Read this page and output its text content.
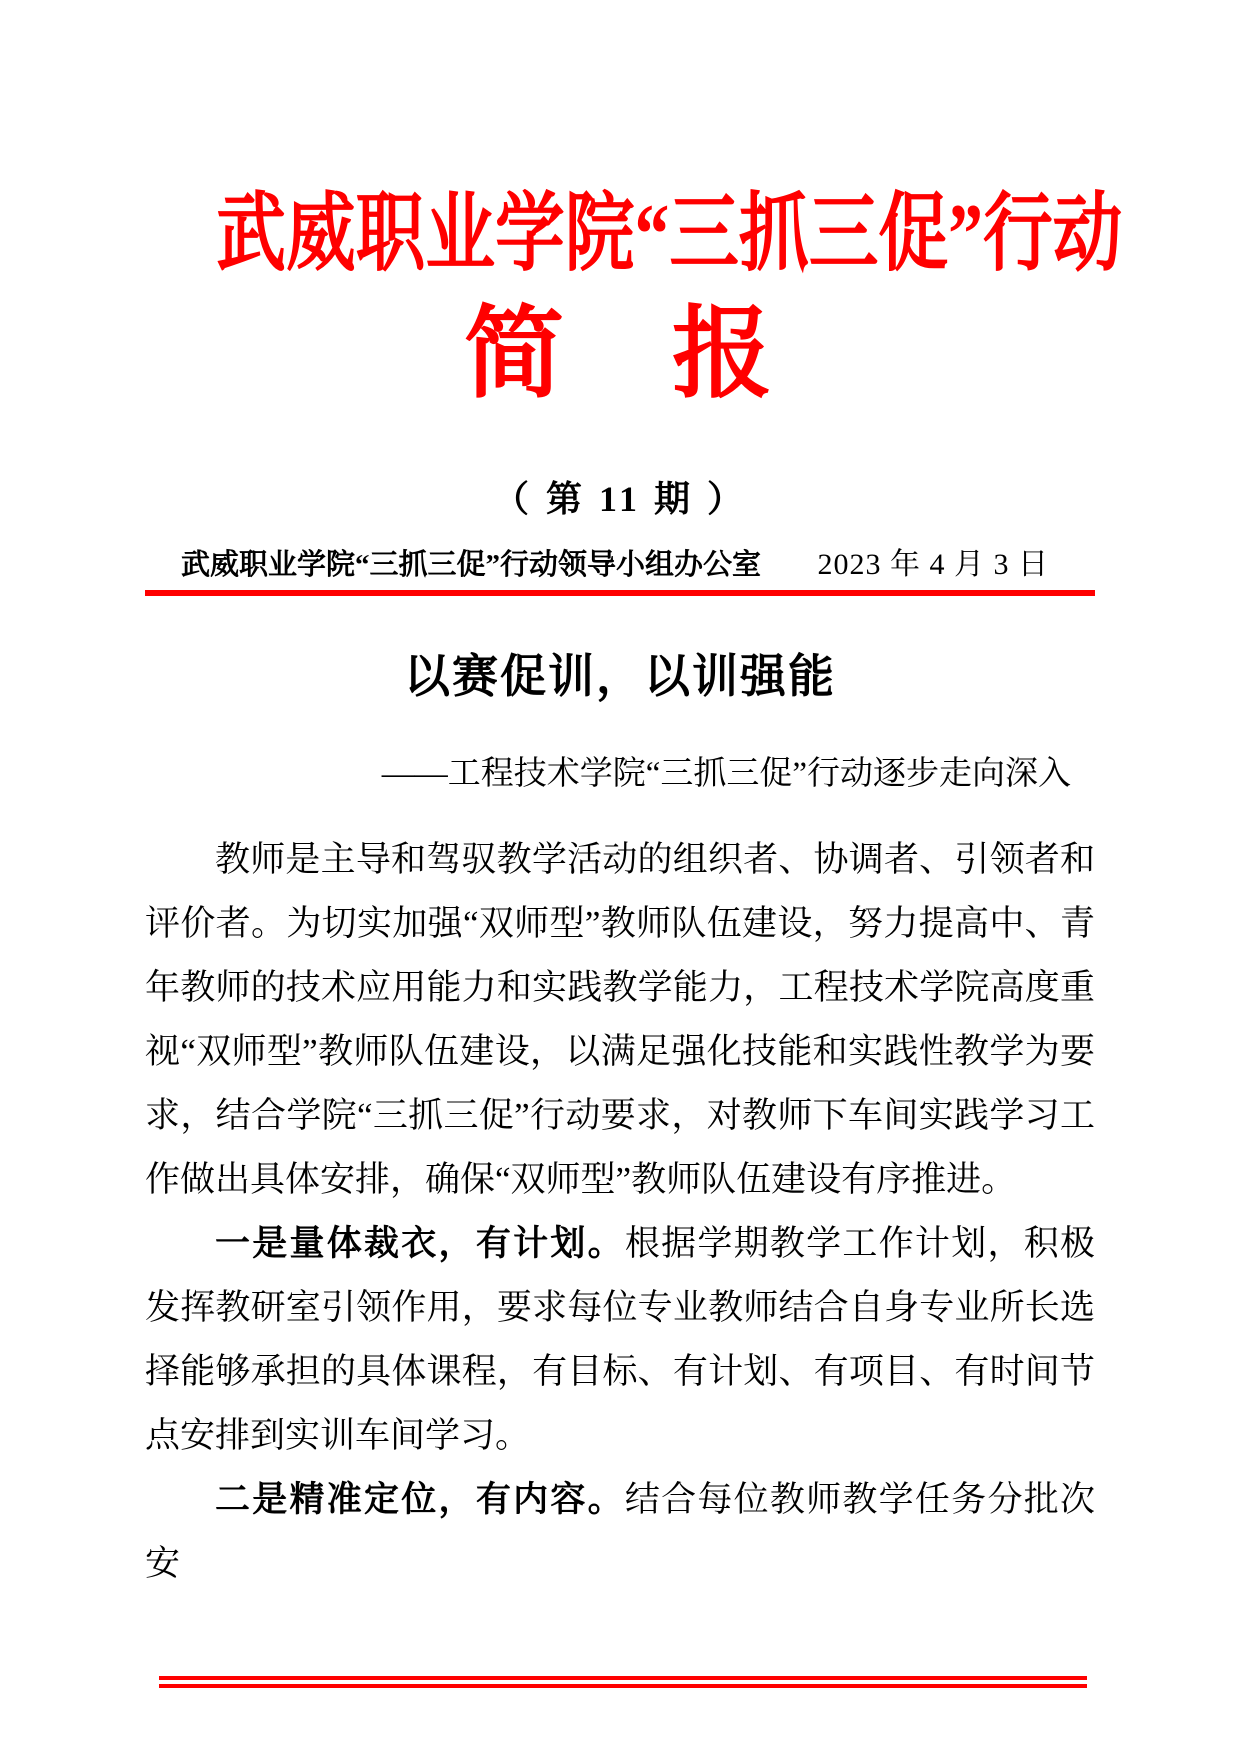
武威职业学院“三抓三促”行动
简　报
（ 第 11 期 ）
武威职业学院“三抓三促”行动领导小组办公室 2023 年 4 月 3 日
以赛促训，以训强能
——工程技术学院“三抓三促”行动逐步走向深入

教师是主导和驾驭教学活动的组织者、协调者、引领者和评价者。为切实加强“双师型”教师队伍建设，努力提高中、青年教师的技术应用能力和实践教学能力，工程技术学院高度重视“双师型”教师队伍建设，以满足强化技能和实践性教学为要求，结合学院“三抓三促”行动要求，对教师下车间实践学习工作做出具体安排，确保“双师型”教师队伍建设有序推进。

一是量体裁衣，有计划。根据学期教学工作计划，积极发挥教研室引领作用，要求每位专业教师结合自身专业所长选择能够承担的具体课程，有目标、有计划、有项目、有时间节点安排到实训车间学习。

二是精准定位，有内容。结合每位教师教学任务分批次安
